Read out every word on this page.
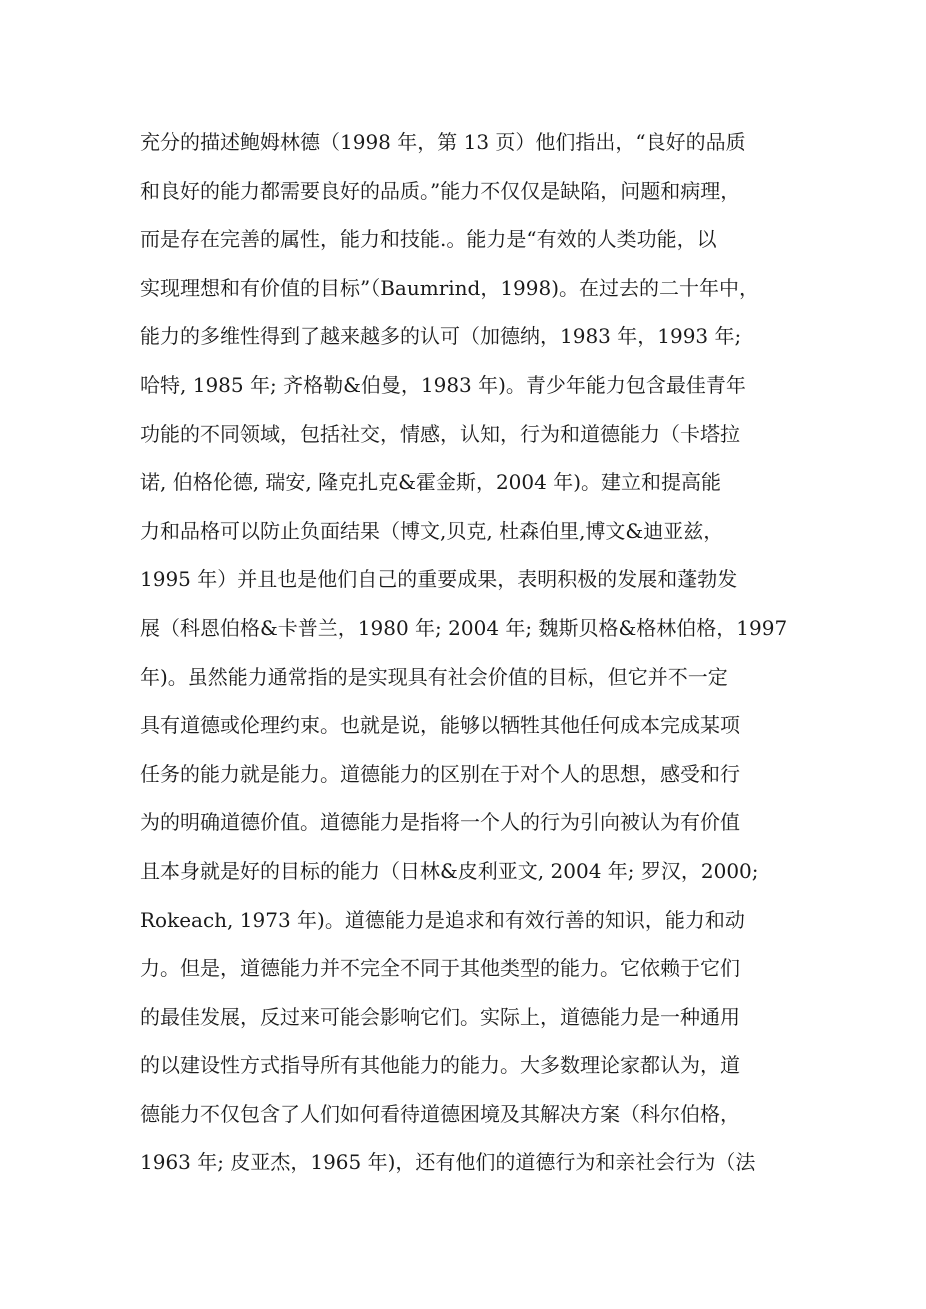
充分的描述鲍姆林德（1998 年，第 13 页）他们指出，“良好的品质
和良好的能力都需要良好的品质。”能力不仅仅是缺陷，问题和病理，
而是存在完善的属性，能力和技能.。能力是“有效的人类功能，以
实现理想和有价值的目标”（Baumrind，1998)。在过去的二十年中，
能力的多维性得到了越来越多的认可（加德纳，1983 年，1993 年;
哈特, 1985 年; 齐格勒&伯曼，1983 年)。青少年能力包含最佳青年
功能的不同领域，包括社交，情感，认知，行为和道德能力（卡塔拉
诺, 伯格伦德, 瑞安, 隆克扎克&霍金斯，2004 年)。建立和提高能
力和品格可以防止负面结果（博文,贝克, 杜森伯里,博文&迪亚兹，
1995 年）并且也是他们自己的重要成果，表明积极的发展和蓬勃发
展（科恩伯格&卡普兰，1980 年; 2004 年; 魏斯贝格&格林伯格，1997
年)。虽然能力通常指的是实现具有社会价值的目标，但它并不一定
具有道德或伦理约束。也就是说，能够以牺牲其他任何成本完成某项
任务的能力就是能力。道德能力的区别在于对个人的思想，感受和行
为的明确道德价值。道德能力是指将一个人的行为引向被认为有价值
且本身就是好的目标的能力（日林&皮利亚文, 2004 年; 罗汉，2000;
Rokeach, 1973 年)。道德能力是追求和有效行善的知识，能力和动
力。但是，道德能力并不完全不同于其他类型的能力。它依赖于它们
的最佳发展，反过来可能会影响它们。实际上，道德能力是一种通用
的以建设性方式指导所有其他能力的能力。大多数理论家都认为，道
德能力不仅包含了人们如何看待道德困境及其解决方案（科尔伯格，
1963 年; 皮亚杰，1965 年)，还有他们的道德行为和亲社会行为（法
